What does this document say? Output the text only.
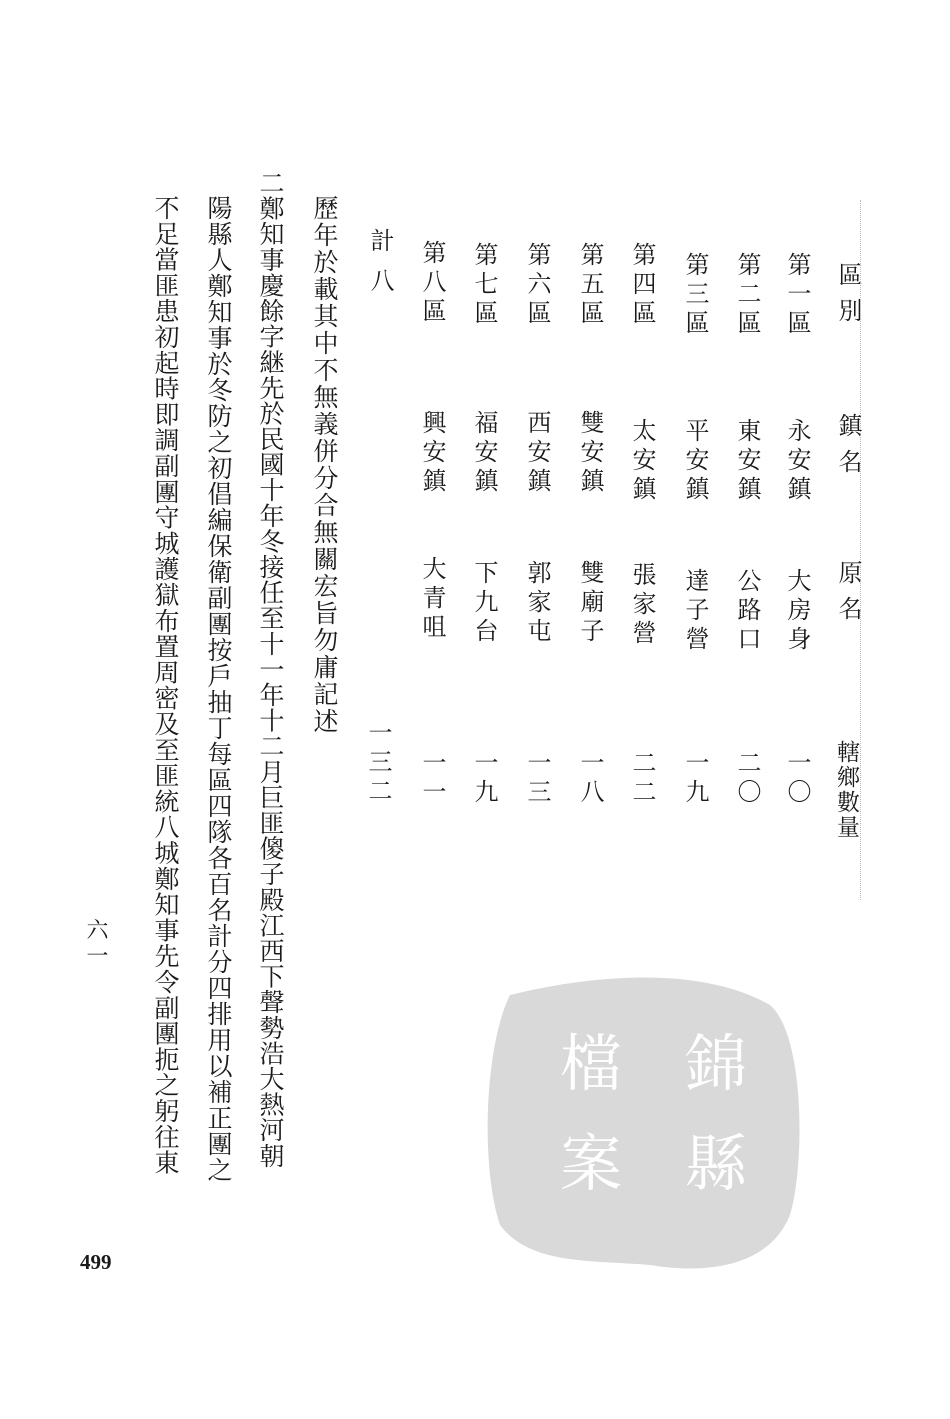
區別
鎮名
原名
轄鄉數量
第一區
永安鎮
大房身
一〇
第二區
東安鎮
公路口
二〇
第三區
平安鎮
達子營
一九
第四區
太安鎮
張家營
二二
第五區
雙安鎮
雙廟子
一八
第六區
西安鎮
郭家屯
一三
第七區
福安鎮
下九台
一九
第八區
興安鎮
大青咀
一一
計
八
一三二
歷年於載其中不無義併分合無關宏旨勿庸記述
二鄭知事慶餘字継先於民國十年冬接任至十一年十二月巨匪傻子殿江西下聲勢浩大熱河朝
陽縣人鄭知事於冬防之初倡編保衛副團按戶抽丁每區四隊各百名計分四排用以補正團之
不足當匪患初起時即調副團守城護獄布置周密及至匪統八城鄭知事先令副團扼之躬往東
六一
499
錦
縣
檔
案
